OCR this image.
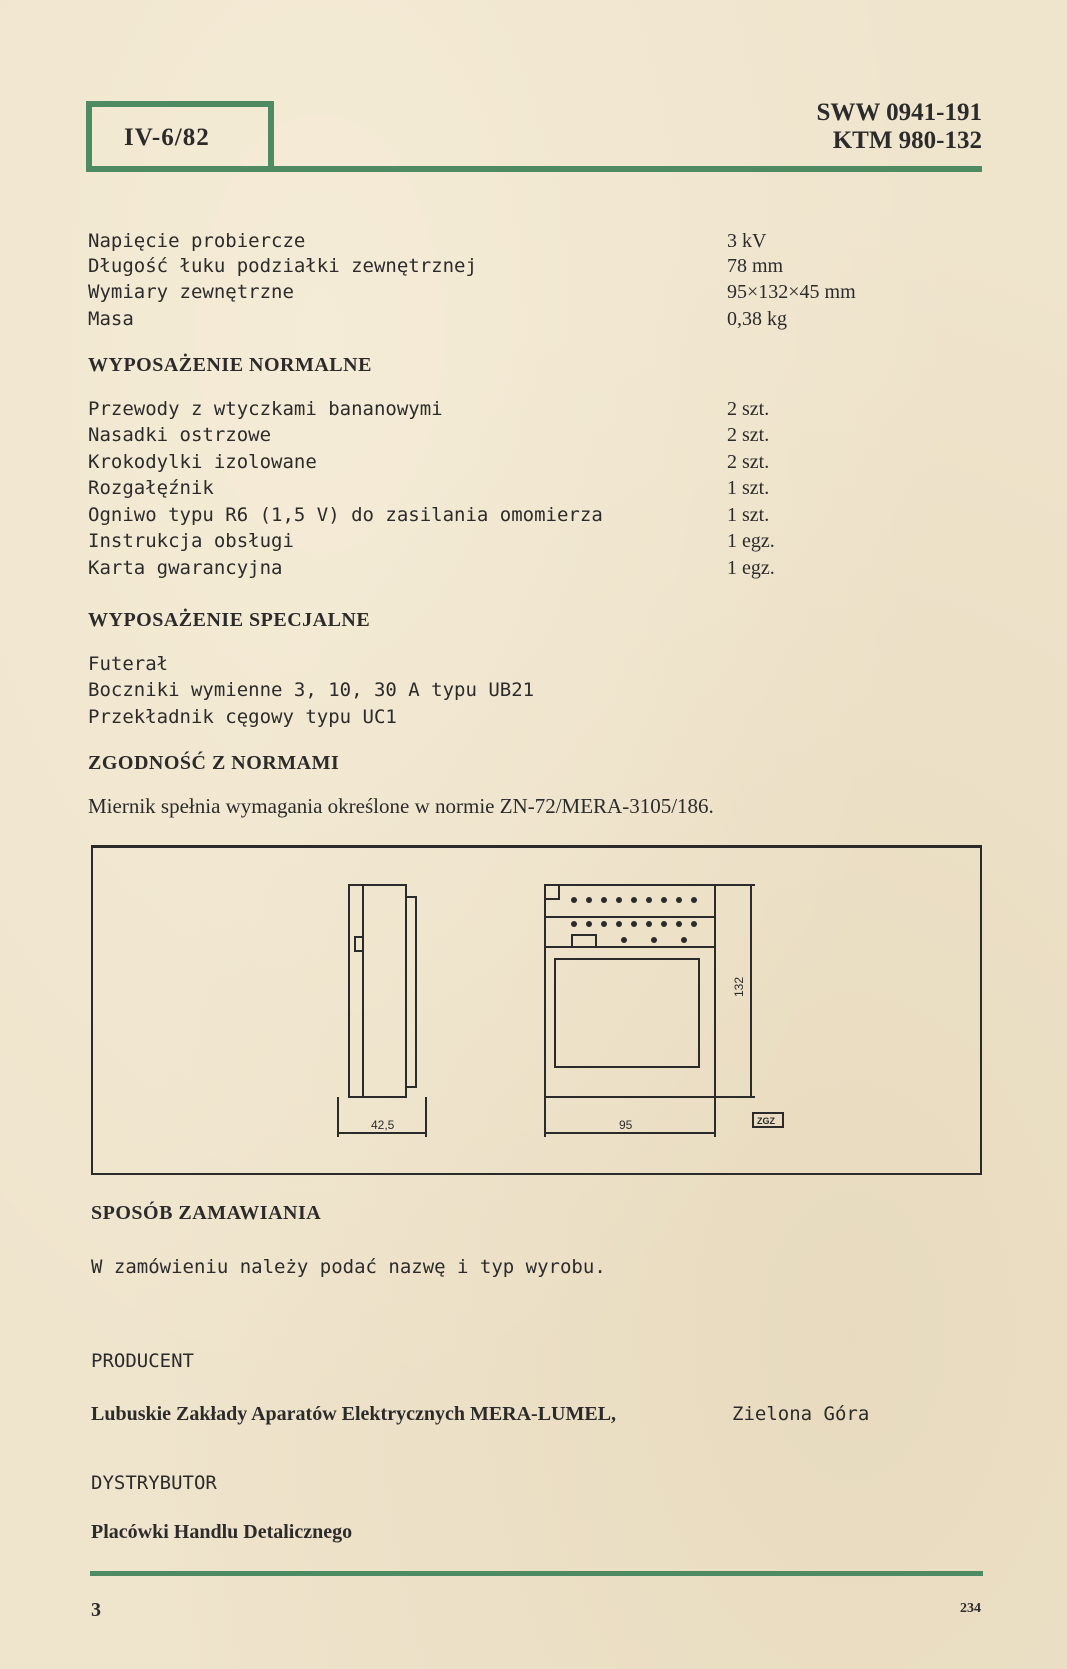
IV-6/82
SWW 0941-191
KTM 980-132
Napięcie probiercze	3 kV
Długość łuku podziałki zewnętrznej	78 mm
Wymiary zewnętrzne	95×132×45 mm
Masa	0,38 kg
WYPOSAŻENIE NORMALNE
Przewody z wtyczkami bananowymi	2 szt.
Nasadki ostrzowe	2 szt.
Krokodylki izolowane	2 szt.
Rozgałęźnik	1 szt.
Ogniwo typu R6 (1,5 V) do zasilania omomierza	1 szt.
Instrukcja obsługi	1 egz.
Karta gwarancyjna	1 egz.
WYPOSAŻENIE SPECJALNE
Futerał
Boczniki wymienne 3, 10, 30 A typu UB21
Przekładnik cęgowy typu UC1
ZGODNOŚĆ Z NORMAMI
Miernik spełnia wymagania określone w normie ZN-72/MERA-3105/186.
42,5	95
132
ZGZ
SPOSÓB ZAMAWIANIA
W zamówieniu należy podać nazwę i typ wyrobu.
PRODUCENT
Lubuskie Zakłady Aparatów Elektrycznych MERA-LUMEL,	Zielona Góra
DYSTRYBUTOR
Placówki Handlu Detalicznego
3	234
